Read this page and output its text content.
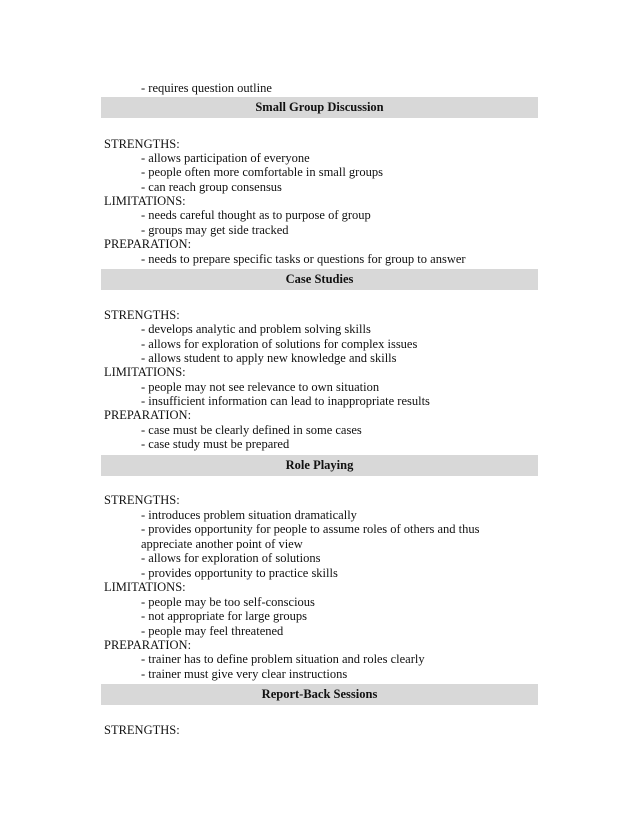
- requires question outline
Small Group Discussion
STRENGTHS:
- allows participation of everyone
- people often more comfortable in small groups
- can reach group consensus
LIMITATIONS:
- needs careful thought as to purpose of group
- groups may get side tracked
PREPARATION:
- needs to prepare specific tasks or questions for group to answer
Case Studies
STRENGTHS:
- develops analytic and problem solving skills
- allows for exploration of solutions for complex issues
- allows student to apply new knowledge and skills
LIMITATIONS:
- people may not see relevance to own situation
- insufficient information can lead to inappropriate results
PREPARATION:
- case must be clearly defined in some cases
- case study must be prepared
Role Playing
STRENGTHS:
- introduces problem situation dramatically
- provides opportunity for people to assume roles of others and thus
appreciate another point of view
- allows for exploration of solutions
- provides opportunity to practice skills
LIMITATIONS:
- people may be too self-conscious
- not appropriate for large groups
- people may feel threatened
PREPARATION:
- trainer has to define problem situation and roles clearly
- trainer must give very clear instructions
Report-Back Sessions
STRENGTHS:
